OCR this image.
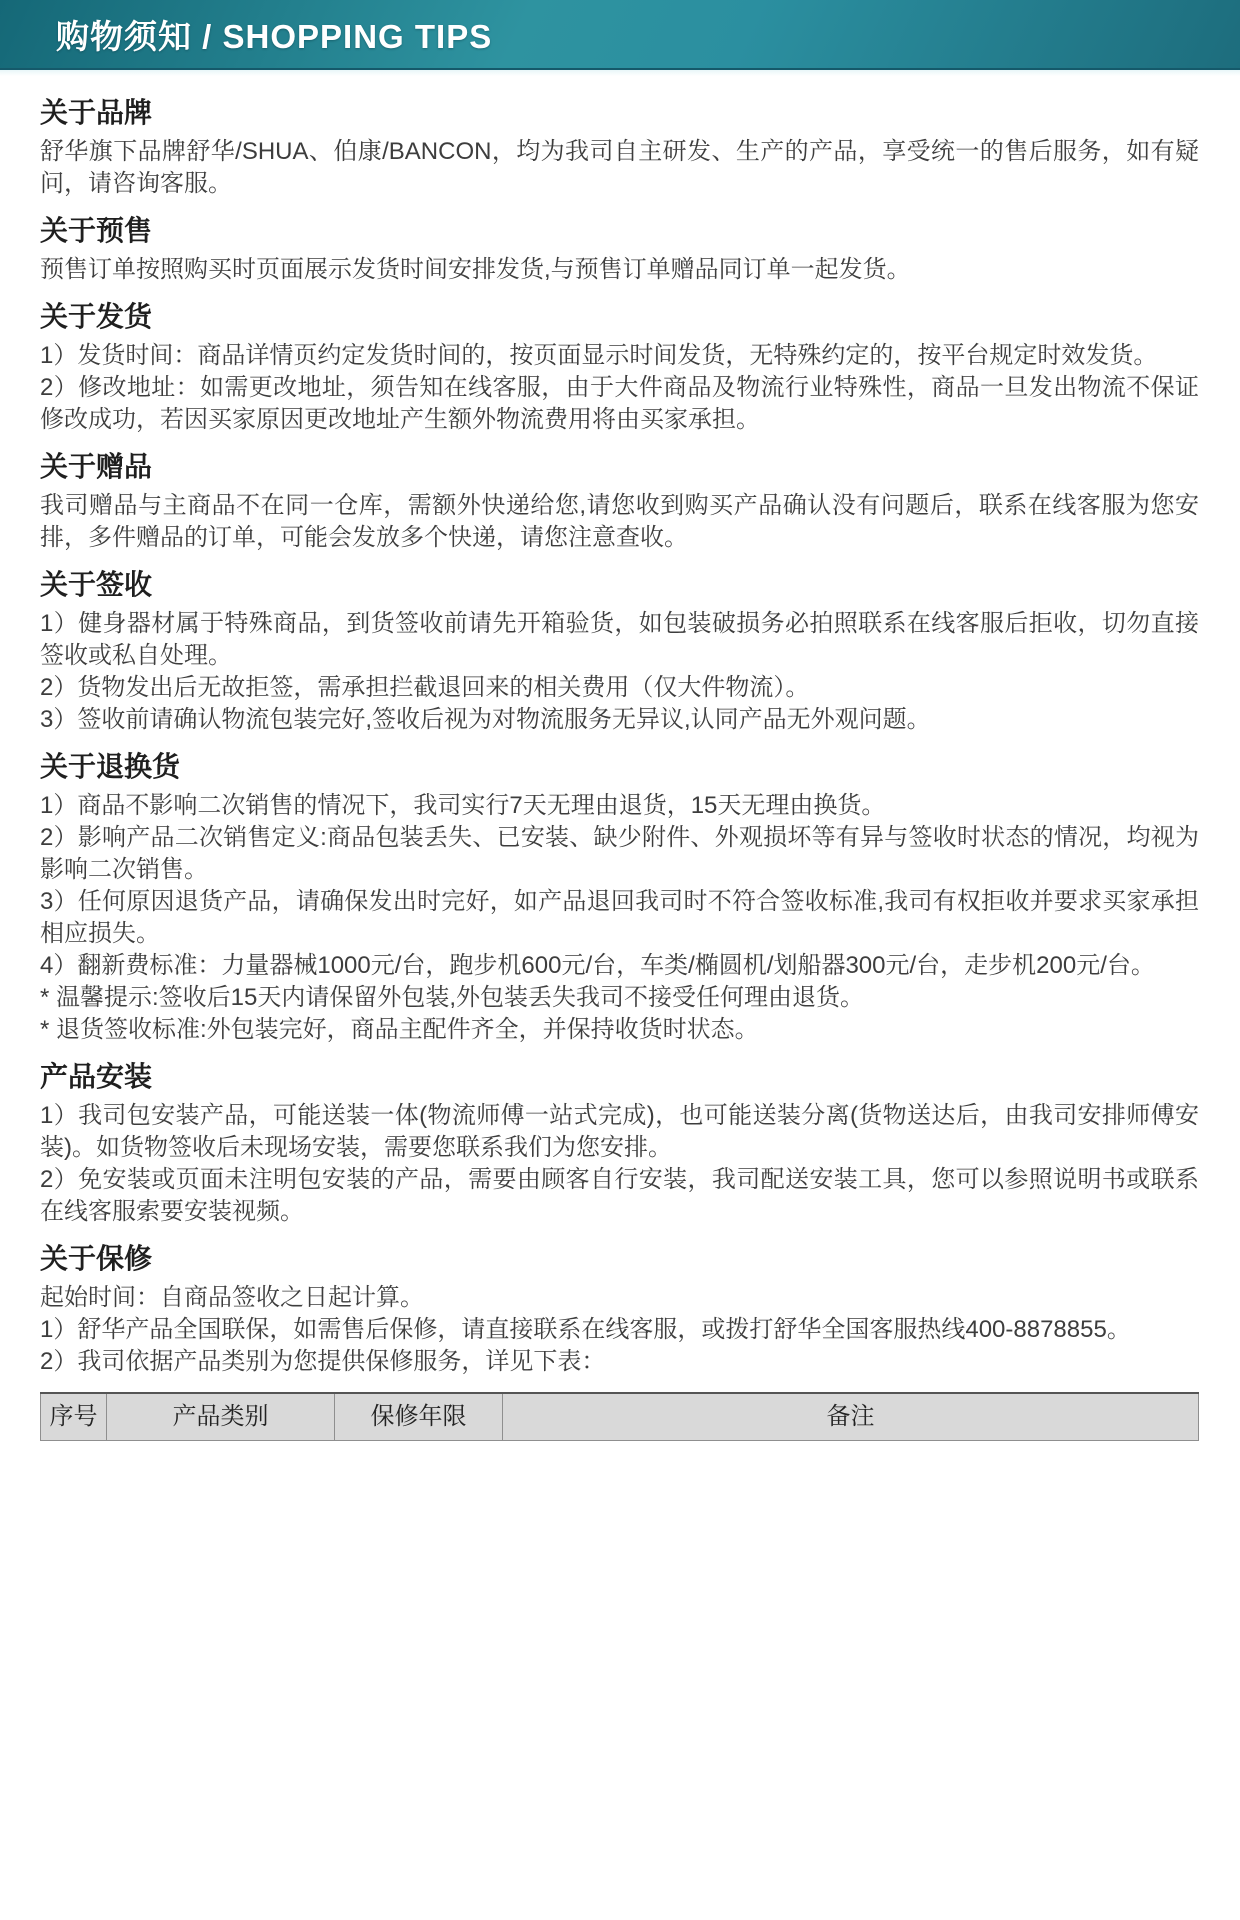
购物须知 / SHOPPING TIPS
关于品牌

舒华旗下品牌舒华/SHUA、伯康/BANCON，均为我司自主研发、生产的产品，享受统一的售后服务，如有疑问，请咨询客服。

关于预售

预售订单按照购买时页面展示发货时间安排发货,与预售订单赠品同订单一起发货。

关于发货

1）发货时间：商品详情页约定发货时间的，按页面显示时间发货，无特殊约定的，按平台规定时效发货。

2）修改地址：如需更改地址，须告知在线客服，由于大件商品及物流行业特殊性，商品一旦发出物流不保证修改成功，若因买家原因更改地址产生额外物流费用将由买家承担。

关于赠品

我司赠品与主商品不在同一仓库，需额外快递给您,请您收到购买产品确认没有问题后，联系在线客服为您安排，多件赠品的订单，可能会发放多个快递，请您注意查收。

关于签收

1）健身器材属于特殊商品，到货签收前请先开箱验货，如包装破损务必拍照联系在线客服后拒收，切勿直接签收或私自处理。

2）货物发出后无故拒签，需承担拦截退回来的相关费用（仅大件物流）。

3）签收前请确认物流包装完好,签收后视为对物流服务无异议,认同产品无外观问题。

关于退换货

1）商品不影响二次销售的情况下，我司实行7天无理由退货，15天无理由换货。

2）影响产品二次销售定义:商品包装丢失、已安装、缺少附件、外观损坏等有异与签收时状态的情况，均视为影响二次销售。

3）任何原因退货产品，请确保发出时完好，如产品退回我司时不符合签收标准,我司有权拒收并要求买家承担相应损失。

4）翻新费标准：力量器械1000元/台，跑步机600元/台，车类/椭圆机/划船器300元/台，走步机200元/台。

* 温馨提示:签收后15天内请保留外包装,外包装丢失我司不接受任何理由退货。

* 退货签收标准:外包装完好，商品主配件齐全，并保持收货时状态。

产品安装

1）我司包安装产品，可能送装一体(物流师傅一站式完成)，也可能送装分离(货物送达后，由我司安排师傅安装)。如货物签收后未现场安装，需要您联系我们为您安排。

2）免安装或页面未注明包安装的产品，需要由顾客自行安装，我司配送安装工具，您可以参照说明书或联系在线客服索要安装视频。

关于保修

起始时间：自商品签收之日起计算。

1）舒华产品全国联保，如需售后保修，请直接联系在线客服，或拨打舒华全国客服热线400-8878855。

2）我司依据产品类别为您提供保修服务，详见下表：

序号	产品类别	保修年限	备注
